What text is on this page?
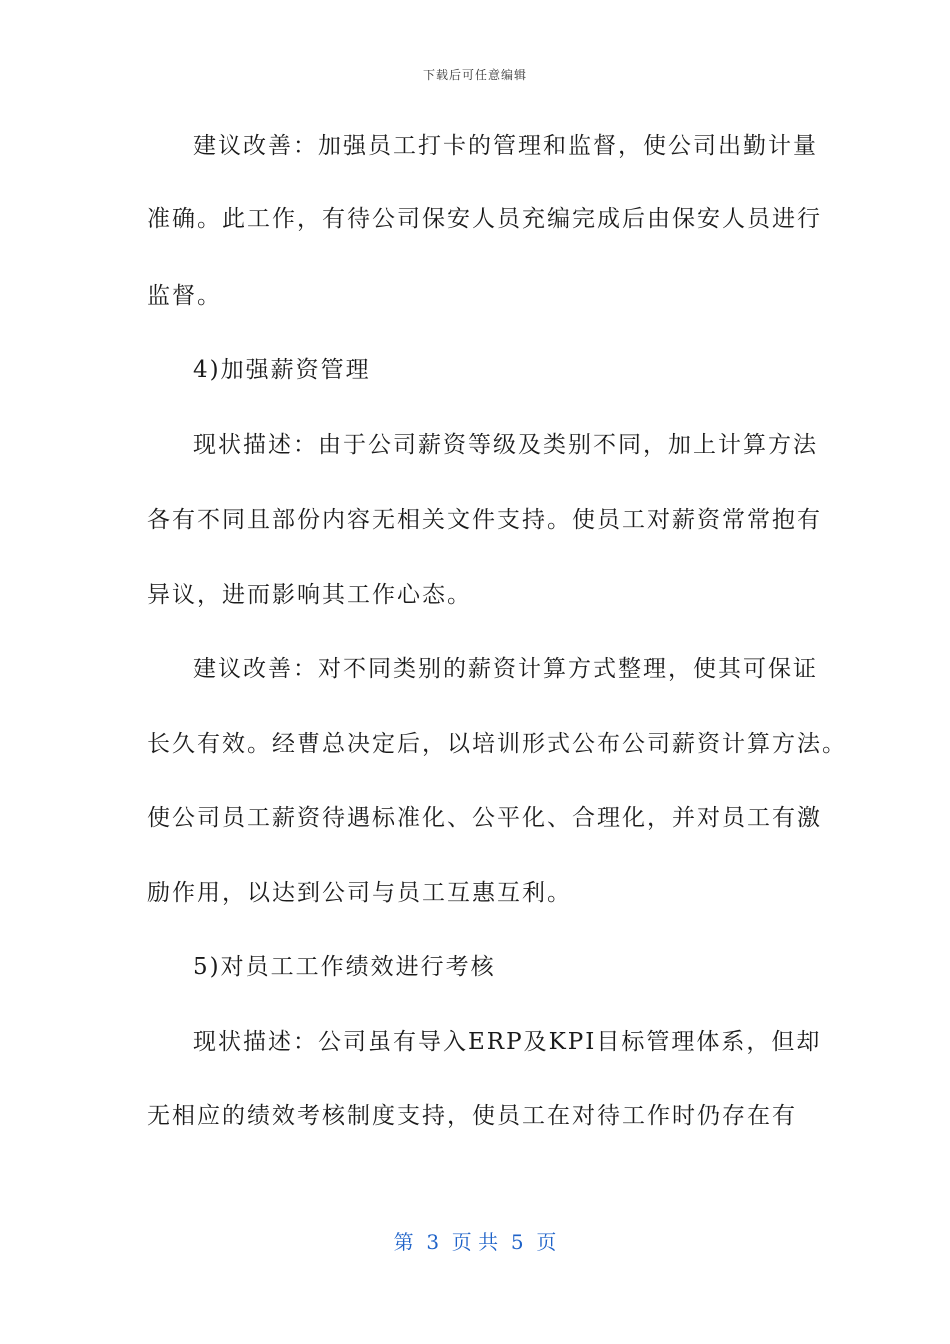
下载后可任意编辑
建议改善：加强员工打卡的管理和监督，使公司出勤计量
准确。此工作，有待公司保安人员充编完成后由保安人员进行
监督。
4)加强薪资管理
现状描述：由于公司薪资等级及类别不同，加上计算方法
各有不同且部份内容无相关文件支持。使员工对薪资常常抱有
异议，进而影响其工作心态。
建议改善：对不同类别的薪资计算方式整理，使其可保证
长久有效。经曹总决定后，以培训形式公布公司薪资计算方法。
使公司员工薪资待遇标准化、公平化、合理化，并对员工有激
励作用，以达到公司与员工互惠互利。
5)对员工工作绩效进行考核
现状描述：公司虽有导入ERP及KPI目标管理体系，但却
无相应的绩效考核制度支持，使员工在对待工作时仍存在有
第  3  页 共  5  页
